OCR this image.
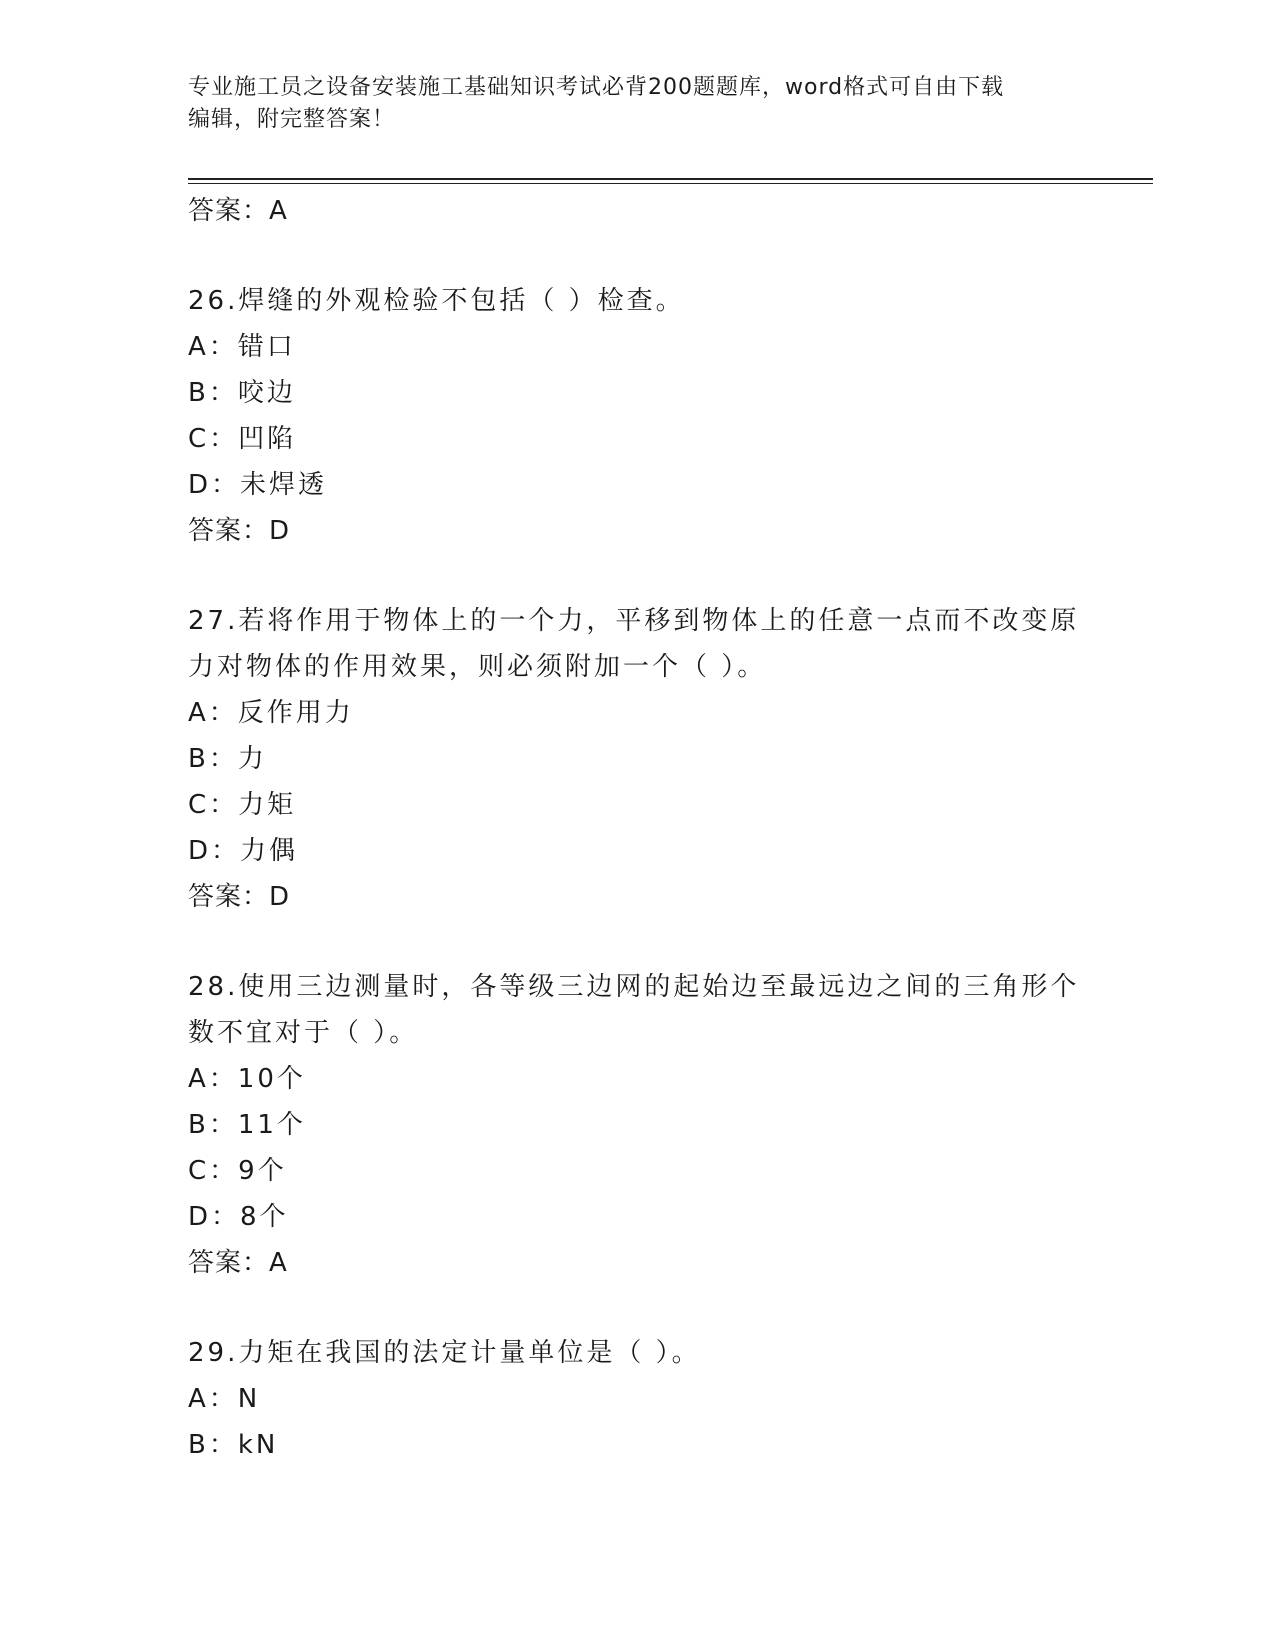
专业施工员之设备安装施工基础知识考试必背200题题库，word格式可自由下载
编辑，附完整答案！

答案：A

26.焊缝的外观检验不包括（ ）检查。

A：错口

B：咬边

C：凹陷

D：未焊透

答案：D

27.若将作用于物体上的一个力，平移到物体上的任意一点而不改变原

力对物体的作用效果，则必须附加一个（ ）。

A：反作用力

B：力

C：力矩

D：力偶

答案：D

28.使用三边测量时，各等级三边网的起始边至最远边之间的三角形个

数不宜对于（ ）。

A：10个

B：11个

C：9个

D：8个

答案：A

29.力矩在我国的法定计量单位是（ ）。

A：N

B：kN
